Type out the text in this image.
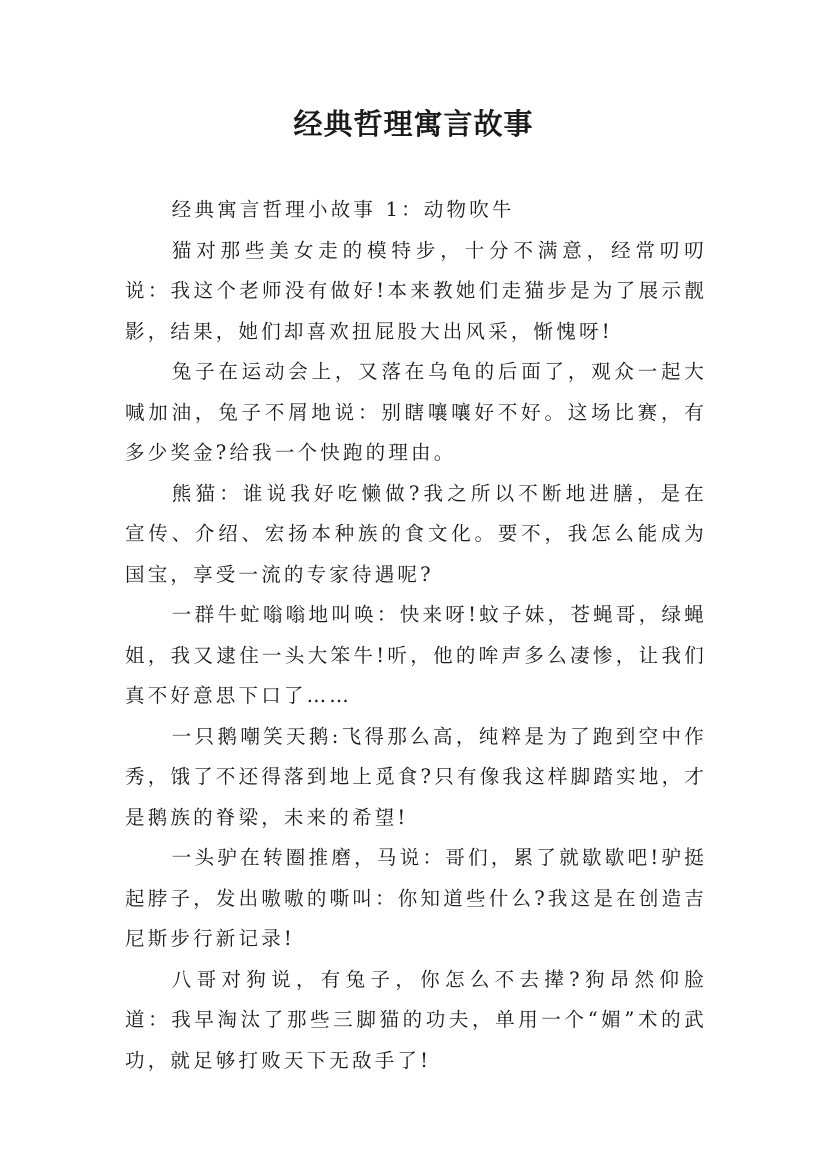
经典哲理寓言故事

经典寓言哲理小故事 1：动物吹牛

猫对那些美女走的模特步，十分不满意，经常叨叨说：我这个老师没有做好!本来教她们走猫步是为了展示靓影，结果，她们却喜欢扭屁股大出风采，惭愧呀!

兔子在运动会上，又落在乌龟的后面了，观众一起大喊加油，兔子不屑地说：别瞎嚷嚷好不好。这场比赛，有多少奖金?给我一个快跑的理由。

熊猫：谁说我好吃懒做?我之所以不断地进膳，是在宣传、介绍、宏扬本种族的食文化。要不，我怎么能成为国宝，享受一流的专家待遇呢?

一群牛虻嗡嗡地叫唤：快来呀!蚊子妹，苍蝇哥，绿蝇姐，我又逮住一头大笨牛!听，他的哞声多么凄惨，让我们真不好意思下口了……

一只鹅嘲笑天鹅:飞得那么高，纯粹是为了跑到空中作秀，饿了不还得落到地上觅食?只有像我这样脚踏实地，才是鹅族的脊梁，未来的希望!

一头驴在转圈推磨，马说：哥们，累了就歇歇吧!驴挺起脖子，发出嗷嗷的嘶叫：你知道些什么?我这是在创造吉尼斯步行新记录!

八哥对狗说，有兔子，你怎么不去撵?狗昂然仰脸道：我早淘汰了那些三脚猫的功夫，单用一个“媚”术的武功，就足够打败天下无敌手了!
